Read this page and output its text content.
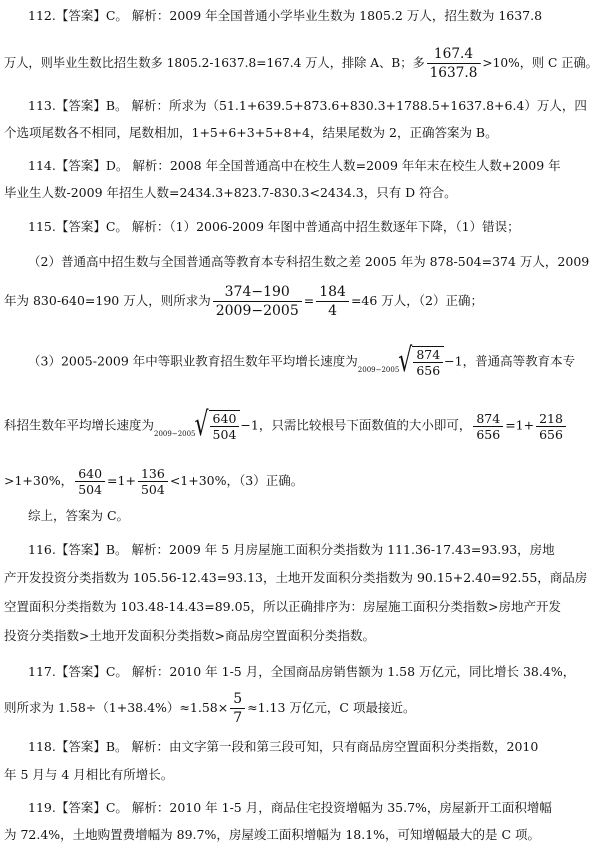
112.【答案】C。 解析：2009 年全国普通小学毕业生数为 1805.2 万人，招生数为 1637.8
万人，则毕业生数比招生数多 1805.2-1637.8=167.4 万人，排除 A、B；多 $\frac{167.4}{1637.8} >10\%$，则 C 正确。
113.【答案】B。 解析：所求为（51.1+639.5+873.6+830.3+1788.5+1637.8+6.4）万人，四
个选项尾数各不相同，尾数相加，1+5+6+3+5+8+4，结果尾数为 2，正确答案为 B。
114.【答案】D。 解析：2008 年全国普通高中在校生人数=2009 年年末在校生人数+2009 年
毕业生人数-2009 年招生人数=2434.3+823.7-830.3<2434.3，只有 D 符合。
115.【答案】C。 解析：（1）2006-2009 年图中普通高中招生数逐年下降，（1）错误；
（2）普通高中招生数与全国普通高等教育本专科招生数之差 2005 年为 878-504=374 万人，2009
年为 830-640=190 万人，则所求为 $\frac{374-190}{2009-2005} = \frac{184}{4} =46$ 万人，（2）正确；
（3）2005-2009 年中等职业教育招生数年平均增长速度为$2009-2005√ \frac{874}{656} -1$，普通高等教育本专
科招生数年平均增长速度为$2009-2005√ \frac{640}{504} -1$，只需比较根号下面数值的大小即可， $\frac{874}{656} =1+ \frac{218}{656}$
>1+30%， $\frac{640}{504} =1+ \frac{136}{504} <1+30\%$，（3）正确。
综上，答案为 C。
116.【答案】B。 解析：2009 年 5 月房屋施工面积分类指数为 111.36-17.43=93.93，房地
产开发投资分类指数为 105.56-12.43=93.13，土地开发面积分类指数为 90.15+2.40=92.55，商品房
空置面积分类指数为 103.48-14.43=89.05，所以正确排序为：房屋施工面积分类指数>房地产开发
投资分类指数>土地开发面积分类指数>商品房空置面积分类指数。
117.【答案】C。 解析：2010 年 1-5 月，全国商品房销售额为 1.58 万亿元，同比增长 38.4%，
则所求为 $1.58\div(1+38.4\%)\approx 1.58\times \frac{5}{7} \approx 1.13$ 万亿元，C 项最接近。
118.【答案】B。 解析：由文字第一段和第三段可知，只有商品房空置面积分类指数，2010
年 5 月与 4 月相比有所增长。
119.【答案】C。 解析：2010 年 1-5 月，商品住宅投资增幅为 35.7%，房屋新开工面积增幅
为 72.4%，土地购置费增幅为 89.7%，房屋竣工面积增幅为 18.1%，可知增幅最大的是 C 项。
